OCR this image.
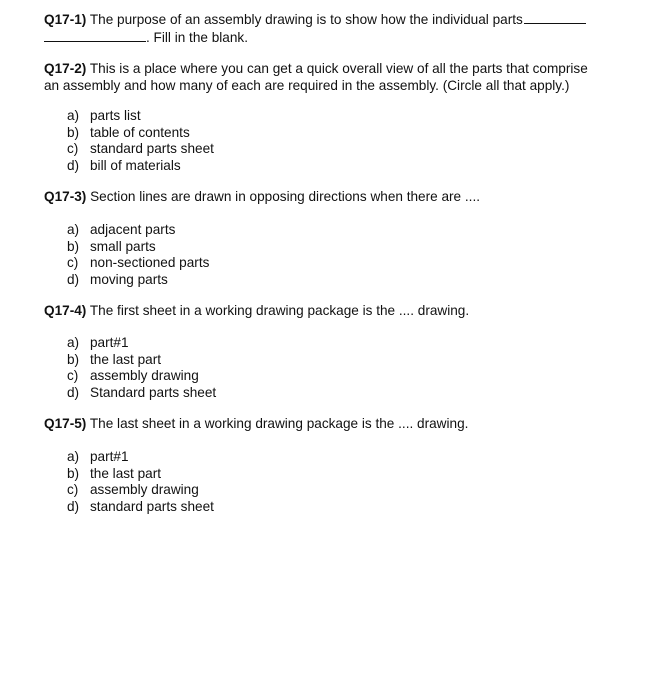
Q17-1) The purpose of an assembly drawing is to show how the individual parts
. Fill in the blank.
Q17-2) This is a place where you can get a quick overall view of all the parts that comprise
an assembly and how many of each are required in the assembly. (Circle all that apply.)
a) parts list
b) table of contents
c) standard parts sheet
d) bill of materials
Q17-3) Section lines are drawn in opposing directions when there are ....
a) adjacent parts
b) small parts
c) non-sectioned parts
d) moving parts
Q17-4) The first sheet in a working drawing package is the .... drawing.
a) part#1
b) the last part
c) assembly drawing
d) Standard parts sheet
Q17-5) The last sheet in a working drawing package is the .... drawing.
a) part#1
b) the last part
c) assembly drawing
d) standard parts sheet
